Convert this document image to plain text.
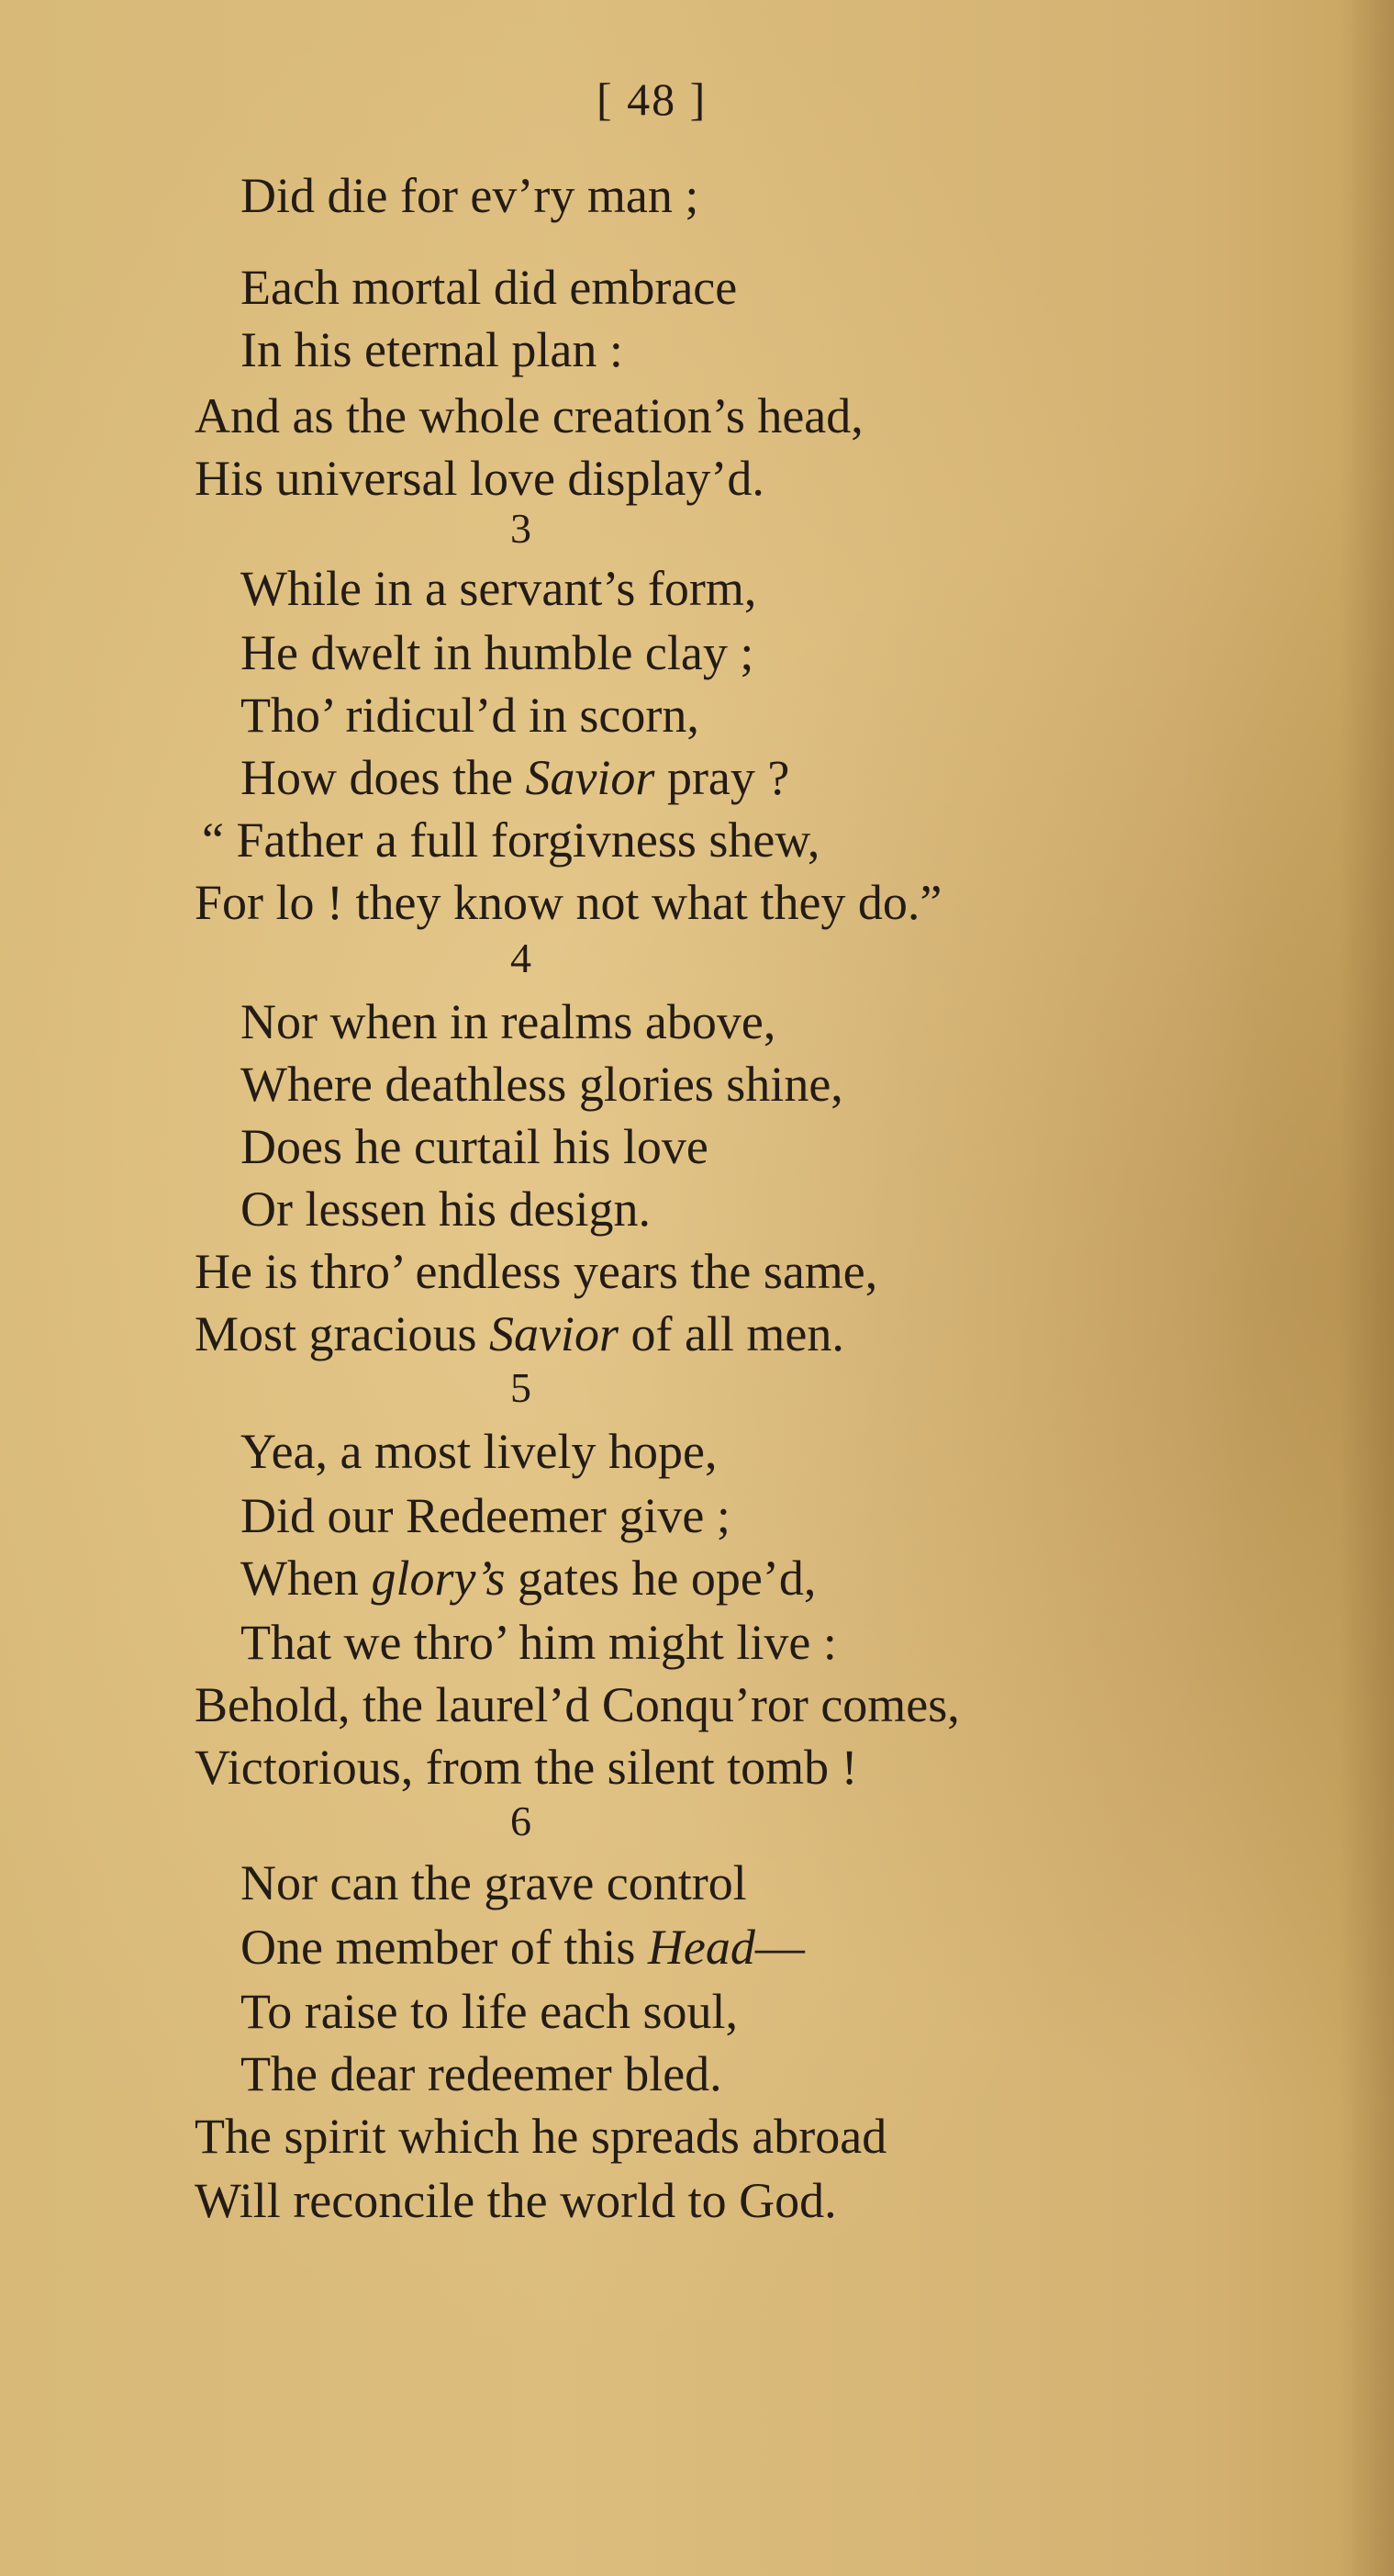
[ 48 ]
Did die for ev’ry man ;
Each mortal did embrace
In his eternal plan :
And as the whole creation’s head,
His universal love display’d.
3
While in a servant’s form,
He dwelt in humble clay ;
Tho’ ridicul’d in scorn,
How does the Savior pray ?
“ Father a full forgivness shew,
For lo ! they know not what they do.”
4
Nor when in realms above,
Where deathless glories shine,
Does he curtail his love
Or lessen his design.
He is thro’ endless years the same,
Most gracious Savior of all men.
5
Yea, a most lively hope,
Did our Redeemer give ;
When glory’s gates he ope’d,
That we thro’ him might live :
Behold, the laurel’d Conqu’ror comes,
Victorious, from the silent tomb !
6
Nor can the grave control
One member of this Head—
To raise to life each soul,
The dear redeemer bled.
The spirit which he spreads abroad
Will reconcile the world to God.
